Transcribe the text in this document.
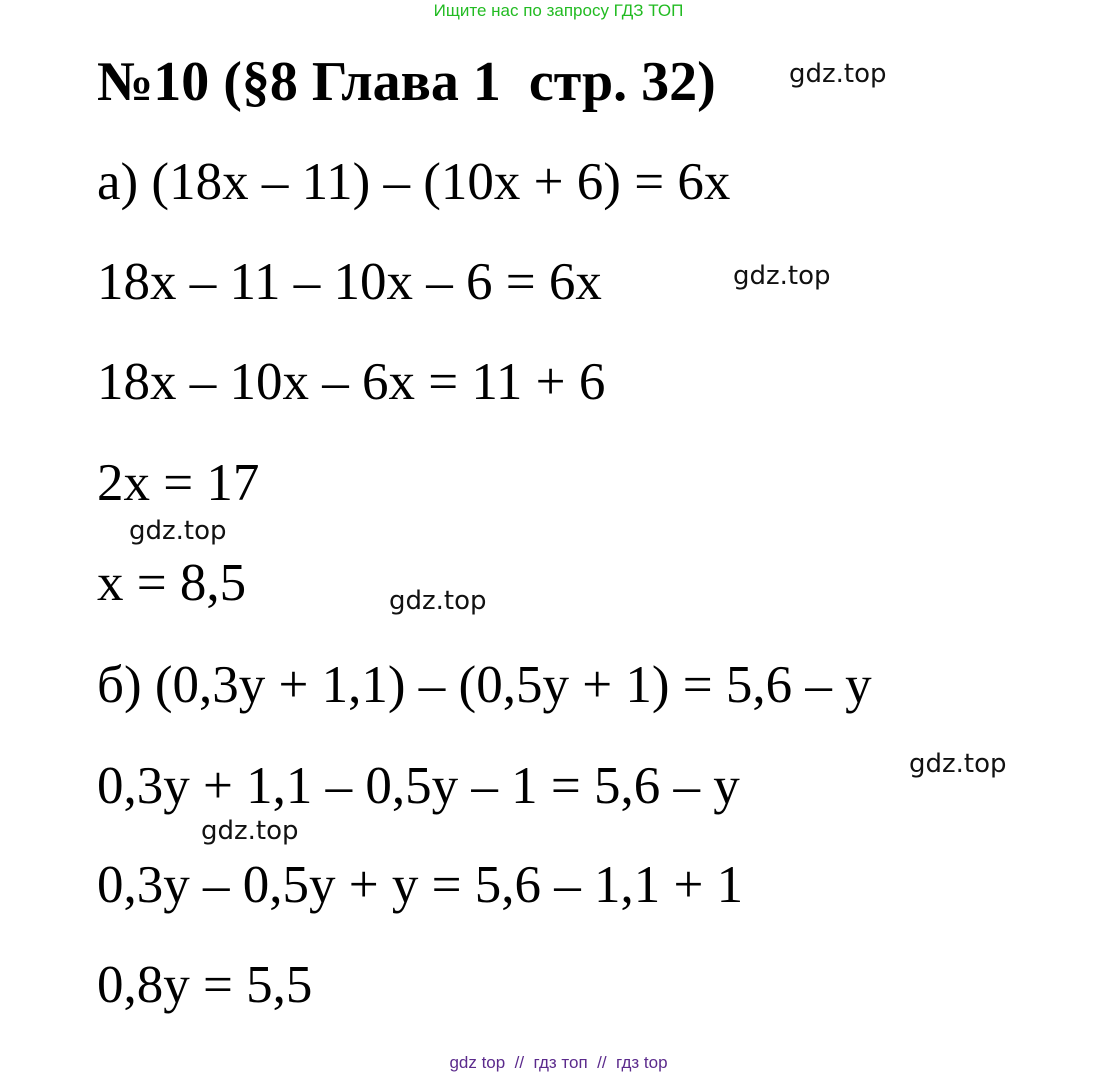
Ищите нас по запросу ГДЗ ТОП
№10 (§8 Глава 1  стр. 32)	gdz.top
а) (18x – 11) – (10x + 6) = 6x
18x – 11 – 10x – 6 = 6x	gdz.top
18x – 10x – 6x = 11 + 6
2x = 17
gdz.top
x = 8,5	gdz.top
б) (0,3y + 1,1) – (0,5y + 1) = 5,6 – y
0,3y + 1,1 – 0,5y – 1 = 5,6 – y	gdz.top
gdz.top
0,3y – 0,5y + y = 5,6 – 1,1 + 1
0,8y = 5,5
gdz top  //  гдз топ  //  гдз top
